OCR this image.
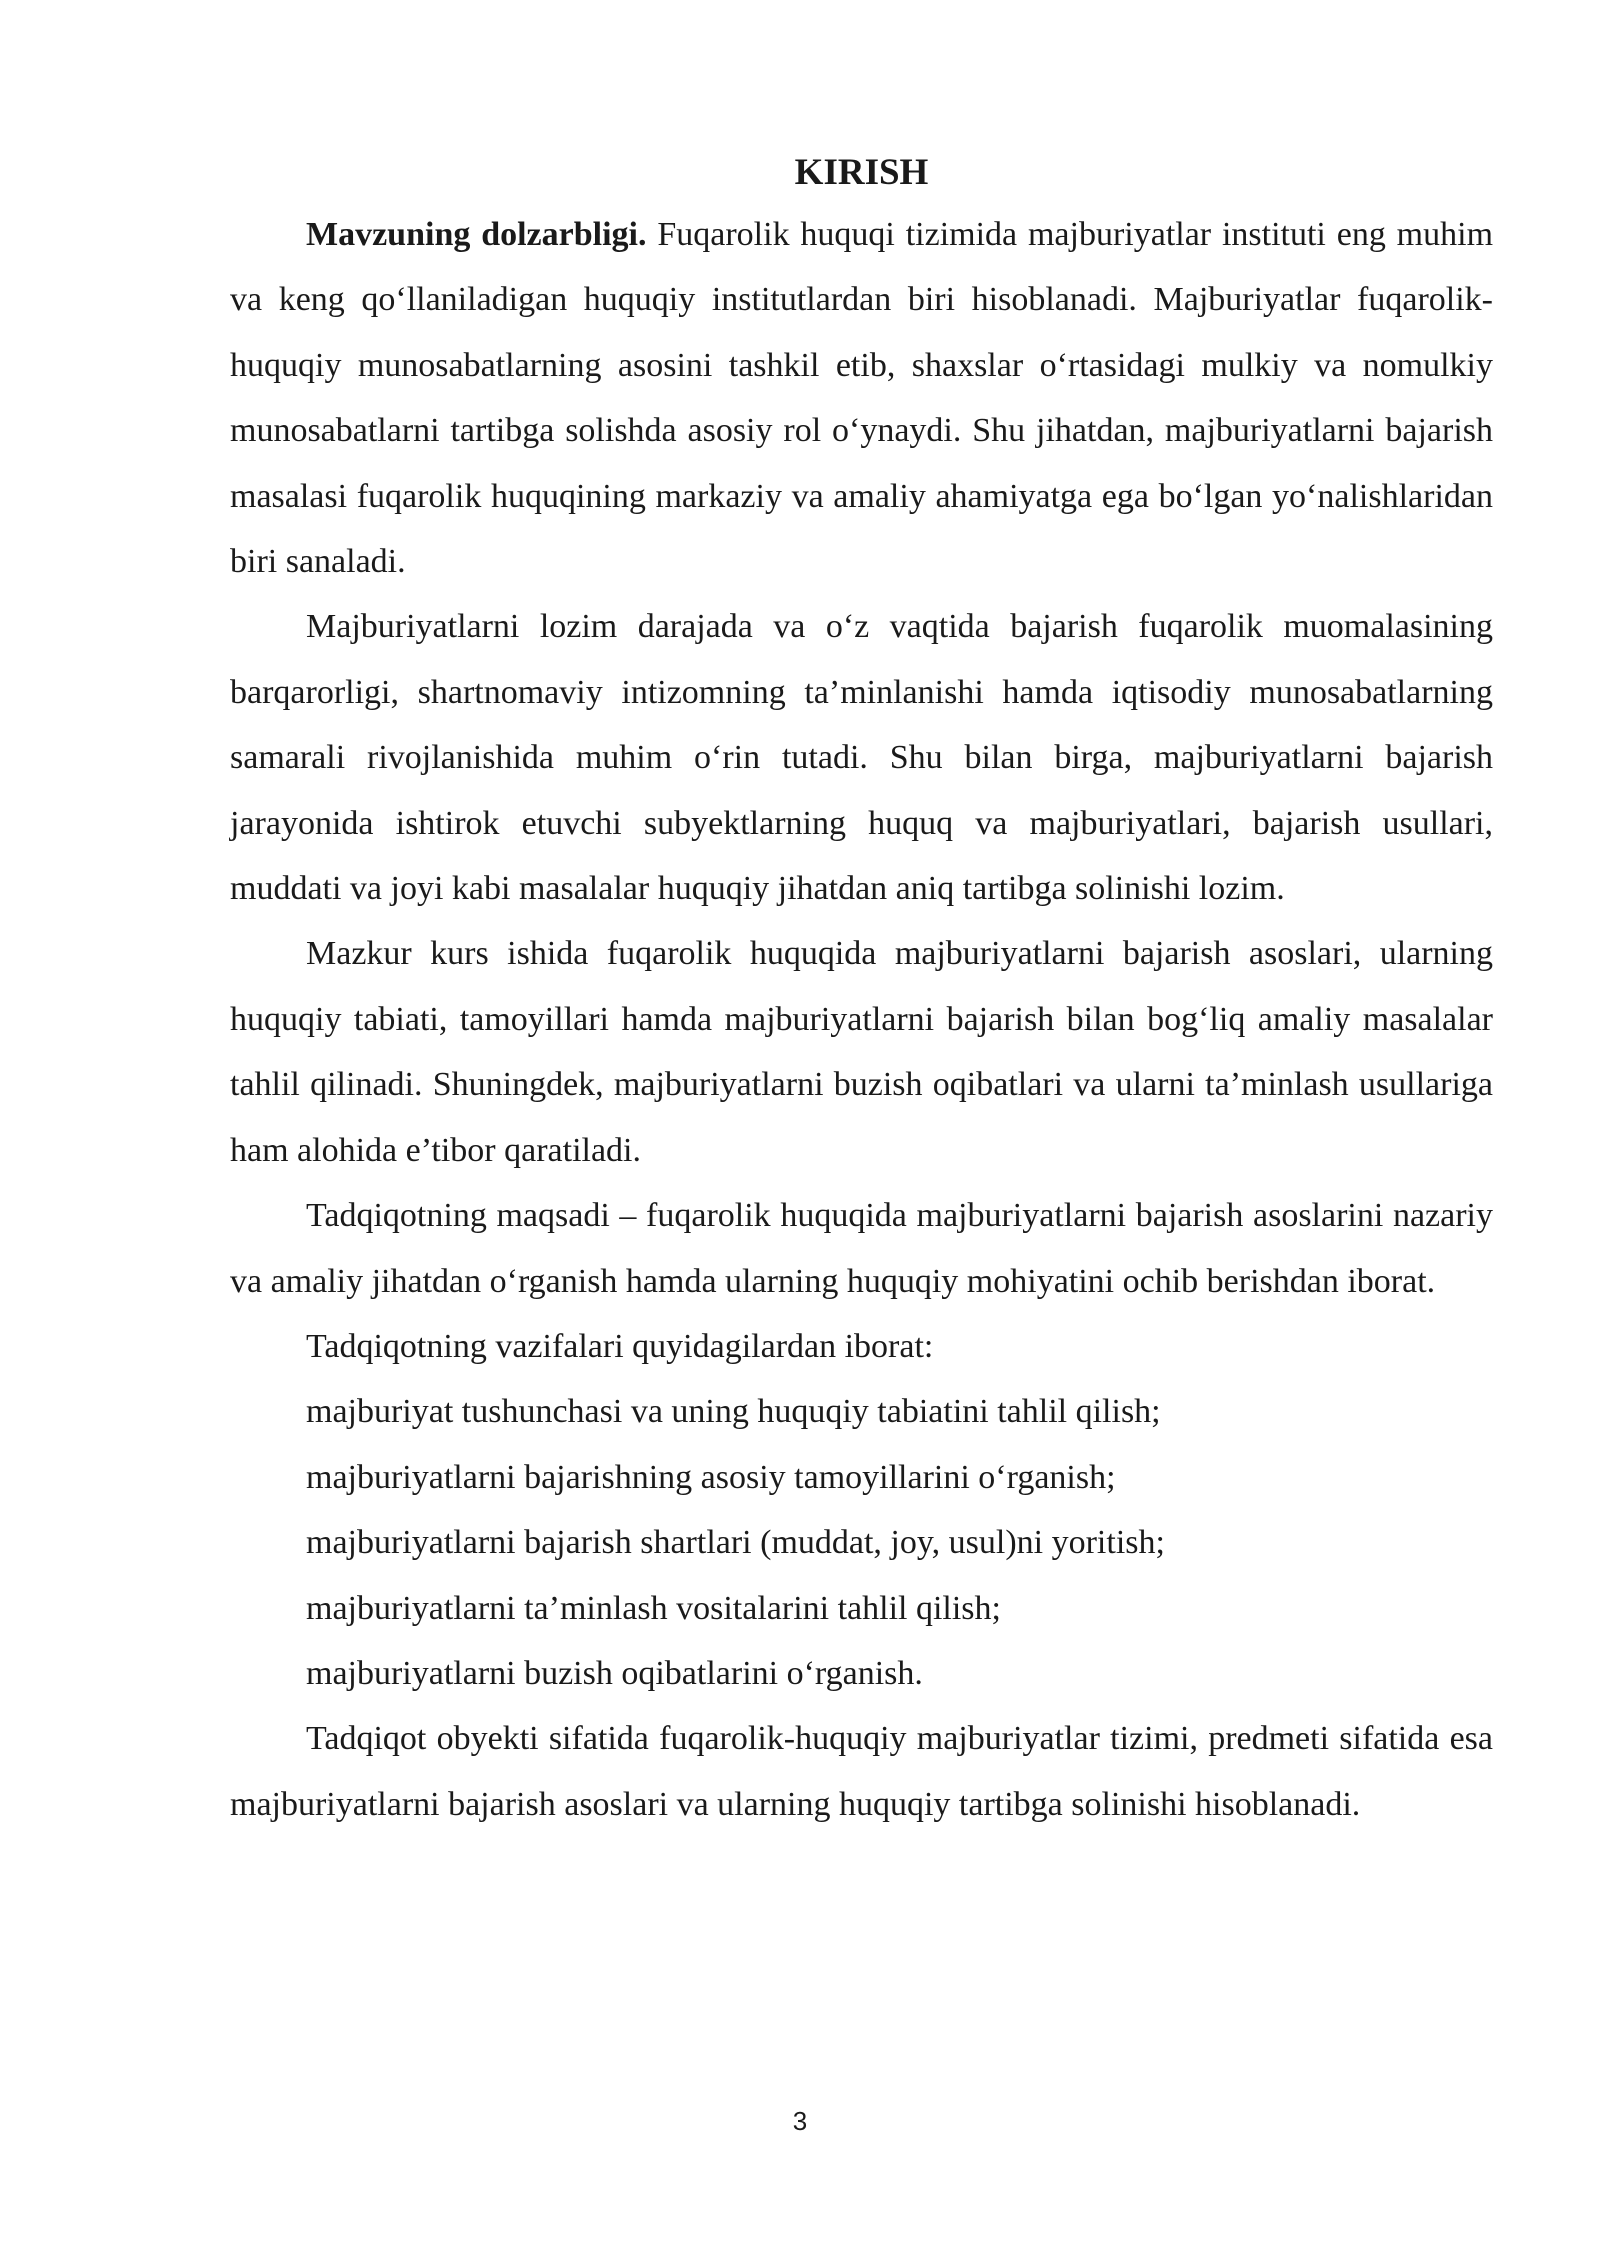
KIRISH

Mavzuning dolzarbligi. Fuqarolik huquqi tizimida majburiyatlar instituti eng muhim va keng qo‘llaniladigan huquqiy institutlardan biri hisoblanadi. Majburiyatlar fuqarolik-huquqiy munosabatlarning asosini tashkil etib, shaxslar o‘rtasidagi mulkiy va nomulkiy munosabatlarni tartibga solishda asosiy rol o‘ynaydi. Shu jihatdan, majburiyatlarni bajarish masalasi fuqarolik huquqining markaziy va amaliy ahamiyatga ega bo‘lgan yo‘nalishlaridan biri sanaladi.

Majburiyatlarni lozim darajada va o‘z vaqtida bajarish fuqarolik muomalasining barqarorligi, shartnomaviy intizomning ta’minlanishi hamda iqtisodiy munosabatlarning samarali rivojlanishida muhim o‘rin tutadi. Shu bilan birga, majburiyatlarni bajarish jarayonida ishtirok etuvchi subyektlarning huquq va majburiyatlari, bajarish usullari, muddati va joyi kabi masalalar huquqiy jihatdan aniq tartibga solinishi lozim.

Mazkur kurs ishida fuqarolik huquqida majburiyatlarni bajarish asoslari, ularning huquqiy tabiati, tamoyillari hamda majburiyatlarni bajarish bilan bog‘liq amaliy masalalar tahlil qilinadi. Shuningdek, majburiyatlarni buzish oqibatlari va ularni ta’minlash usullariga ham alohida e’tibor qaratiladi.

Tadqiqotning maqsadi – fuqarolik huquqida majburiyatlarni bajarish asoslarini nazariy va amaliy jihatdan o‘rganish hamda ularning huquqiy mohiyatini ochib berishdan iborat.

Tadqiqotning vazifalari quyidagilardan iborat:

majburiyat tushunchasi va uning huquqiy tabiatini tahlil qilish;

majburiyatlarni bajarishning asosiy tamoyillarini o‘rganish;

majburiyatlarni bajarish shartlari (muddat, joy, usul)ni yoritish;

majburiyatlarni ta’minlash vositalarini tahlil qilish;

majburiyatlarni buzish oqibatlarini o‘rganish.

Tadqiqot obyekti sifatida fuqarolik-huquqiy majburiyatlar tizimi, predmeti sifatida esa majburiyatlarni bajarish asoslari va ularning huquqiy tartibga solinishi hisoblanadi.

3
